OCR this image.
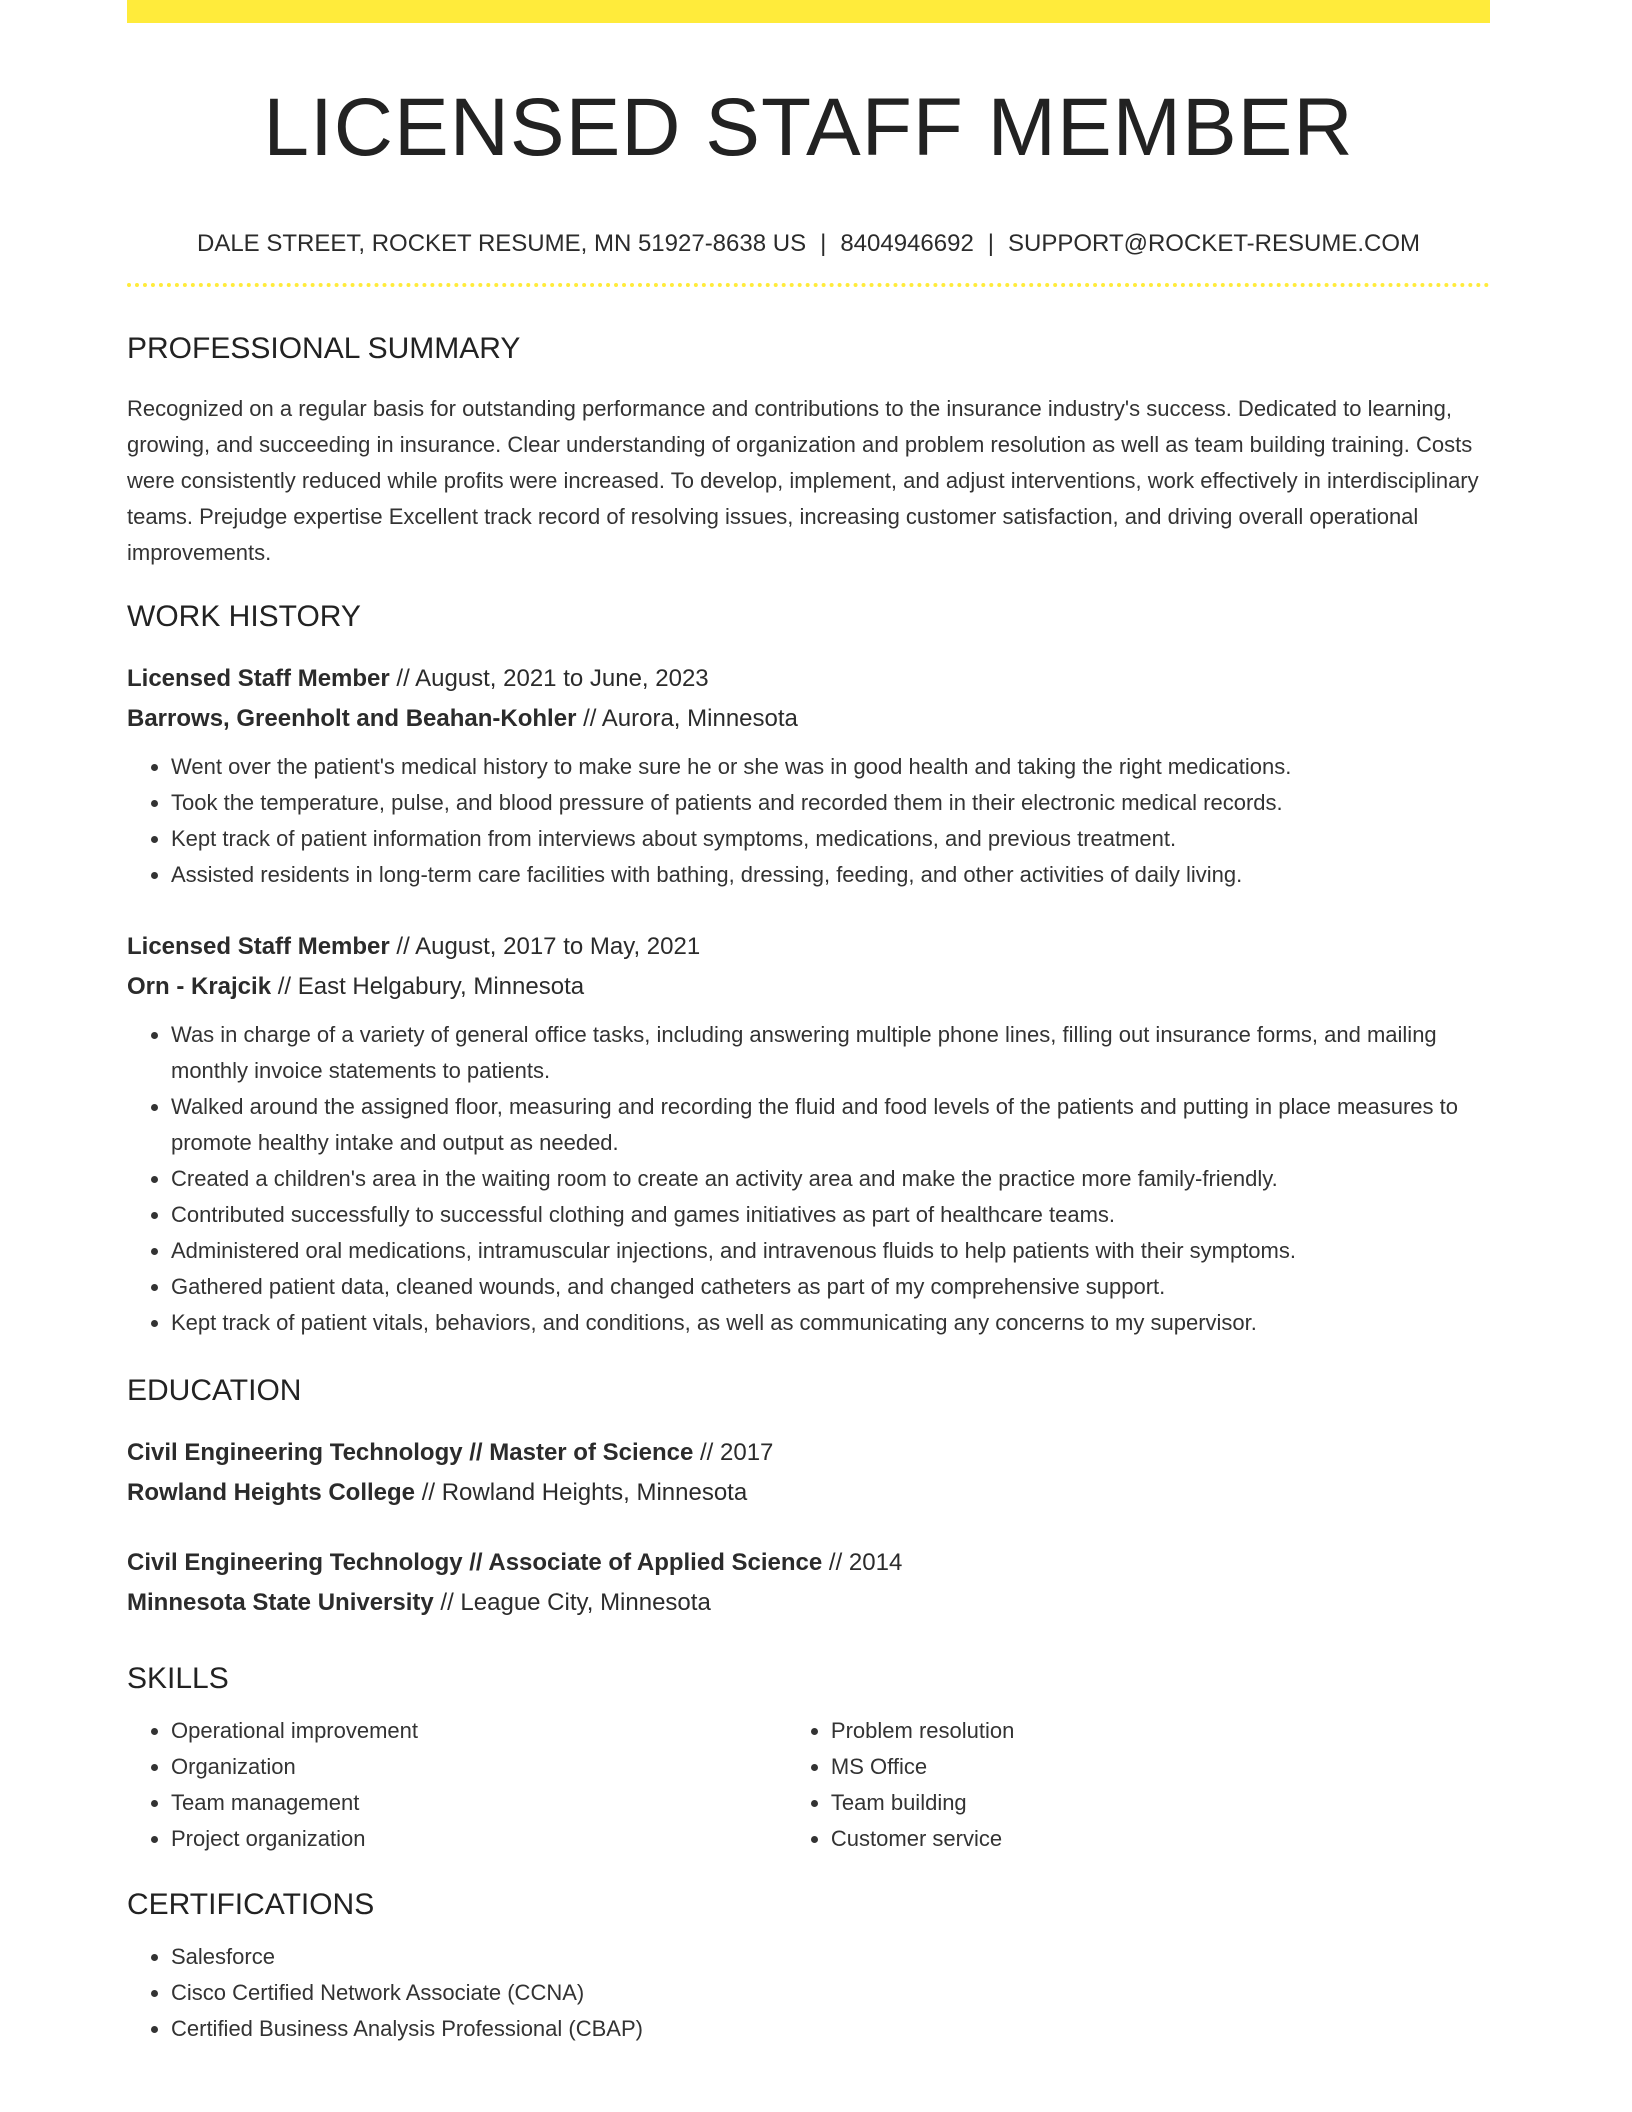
LICENSED STAFF MEMBER
DALE STREET, ROCKET RESUME, MN 51927-8638 US | 8404946692 | SUPPORT@ROCKET-RESUME.COM
PROFESSIONAL SUMMARY
Recognized on a regular basis for outstanding performance and contributions to the insurance industry's success. Dedicated to learning, growing, and succeeding in insurance. Clear understanding of organization and problem resolution as well as team building training. Costs were consistently reduced while profits were increased. To develop, implement, and adjust interventions, work effectively in interdisciplinary teams. Prejudge expertise Excellent track record of resolving issues, increasing customer satisfaction, and driving overall operational improvements.
WORK HISTORY
Licensed Staff Member // August, 2021 to June, 2023
Barrows, Greenholt and Beahan-Kohler // Aurora, Minnesota
• Went over the patient's medical history to make sure he or she was in good health and taking the right medications.
• Took the temperature, pulse, and blood pressure of patients and recorded them in their electronic medical records.
• Kept track of patient information from interviews about symptoms, medications, and previous treatment.
• Assisted residents in long-term care facilities with bathing, dressing, feeding, and other activities of daily living.
Licensed Staff Member // August, 2017 to May, 2021
Orn - Krajcik // East Helgabury, Minnesota
• Was in charge of a variety of general office tasks, including answering multiple phone lines, filling out insurance forms, and mailing monthly invoice statements to patients.
• Walked around the assigned floor, measuring and recording the fluid and food levels of the patients and putting in place measures to promote healthy intake and output as needed.
• Created a children's area in the waiting room to create an activity area and make the practice more family-friendly.
• Contributed successfully to successful clothing and games initiatives as part of healthcare teams.
• Administered oral medications, intramuscular injections, and intravenous fluids to help patients with their symptoms.
• Gathered patient data, cleaned wounds, and changed catheters as part of my comprehensive support.
• Kept track of patient vitals, behaviors, and conditions, as well as communicating any concerns to my supervisor.
EDUCATION
Civil Engineering Technology // Master of Science // 2017
Rowland Heights College // Rowland Heights, Minnesota
Civil Engineering Technology // Associate of Applied Science // 2014
Minnesota State University // League City, Minnesota
SKILLS
• Operational improvement
• Organization
• Team management
• Project organization
• Problem resolution
• MS Office
• Team building
• Customer service
CERTIFICATIONS
• Salesforce
• Cisco Certified Network Associate (CCNA)
• Certified Business Analysis Professional (CBAP)
